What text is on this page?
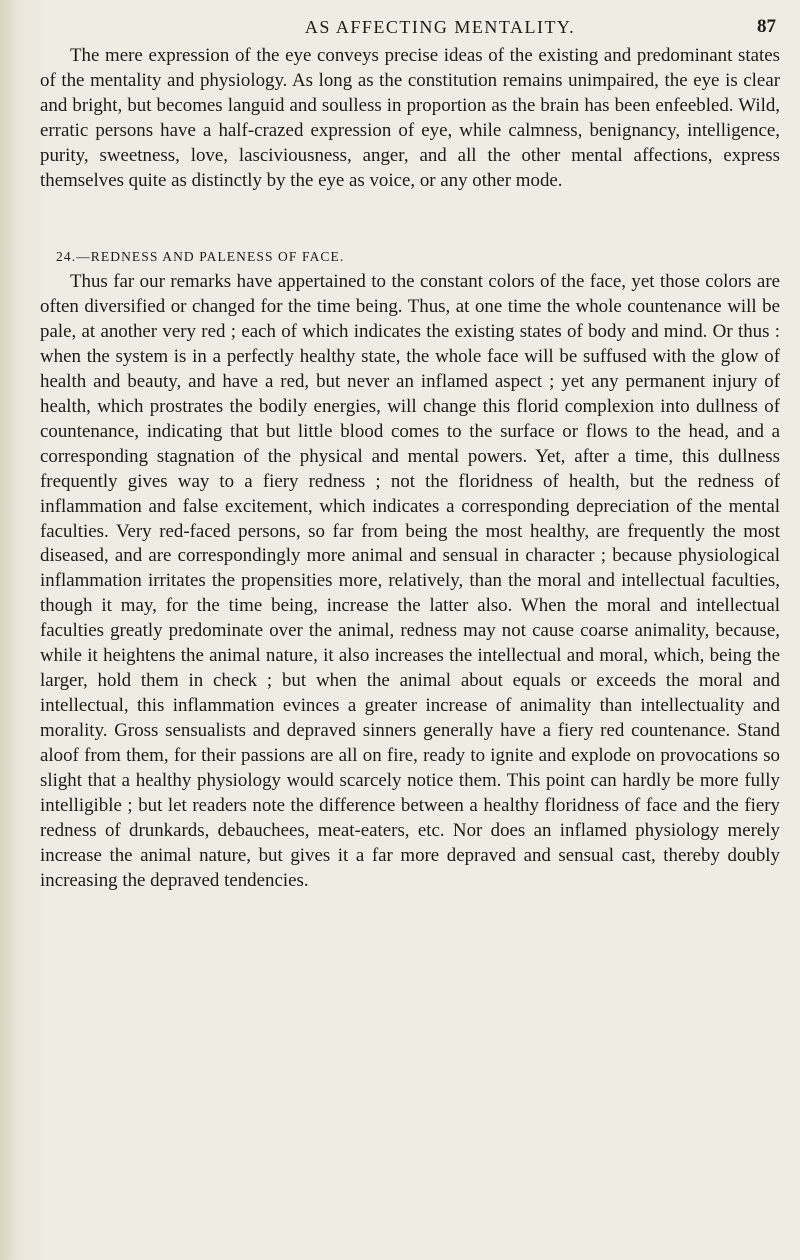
AS AFFECTING MENTALITY.	87

The mere expression of the eye conveys precise ideas of the existing and predominant states of the mentality and physiology. As long as the constitution remains unimpaired, the eye is clear and bright, but becomes languid and soulless in proportion as the brain has been enfeebled. Wild, erratic persons have a half-crazed expression of eye, while calmness, benignancy, intelligence, purity, sweetness, love, lasciviousness, anger, and all the other mental affections, express themselves quite as distinctly by the eye as voice, or any other mode.

24.—REDNESS AND PALENESS OF FACE.

Thus far our remarks have appertained to the constant colors of the face, yet those colors are often diversified or changed for the time being. Thus, at one time the whole countenance will be pale, at another very red ; each of which indicates the existing states of body and mind. Or thus : when the system is in a perfectly healthy state, the whole face will be suffused with the glow of health and beauty, and have a red, but never an inflamed aspect ; yet any permanent injury of health, which prostrates the bodily energies, will change this florid complexion into dullness of countenance, indicating that but little blood comes to the surface or flows to the head, and a corresponding stagnation of the physical and mental powers. Yet, after a time, this dullness frequently gives way to a fiery redness ; not the floridness of health, but the redness of inflammation and false excitement, which indicates a corresponding depreciation of the mental faculties. Very red-faced persons, so far from being the most healthy, are frequently the most diseased, and are correspondingly more animal and sensual in character ; because physiological inflammation irritates the propensities more, relatively, than the moral and intellectual faculties, though it may, for the time being, increase the latter also. When the moral and intellectual faculties greatly predominate over the animal, redness may not cause coarse animality, because, while it heightens the animal nature, it also increases the intellectual and moral, which, being the larger, hold them in check ; but when the animal about equals or exceeds the moral and intellectual, this inflammation evinces a greater increase of animality than intellectuality and morality. Gross sensualists and depraved sinners generally have a fiery red countenance. Stand aloof from them, for their passions are all on fire, ready to ignite and explode on provocations so slight that a healthy physiology would scarcely notice them. This point can hardly be more fully intelligible ; but let readers note the difference between a healthy floridness of face and the fiery redness of drunkards, debauchees, meat-eaters, etc. Nor does an inflamed physiology merely increase the animal nature, but gives it a far more depraved and sensual cast, thereby doubly increasing the depraved tendencies.
